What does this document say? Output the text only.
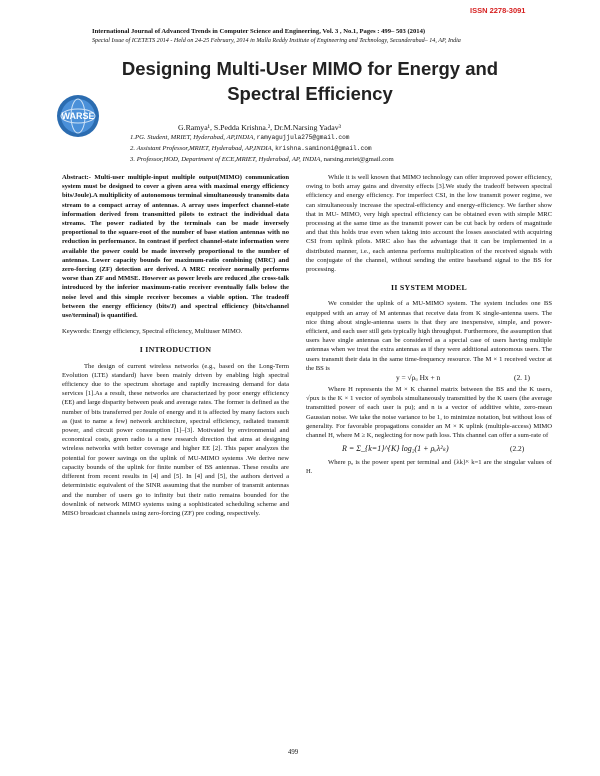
ISSN 2278-3091
International Journal of Advanced Trends in Computer Science and Engineering, Vol. 3 , No.1, Pages : 499– 503 (2014)
Special Issue of ICETETS 2014 - Held on 24-25 February, 2014 in Malla Reddy Institute of Engineering and Technology, Secunderabad– 14, AP, India
WARSE
Designing Multi-User MIMO for Energy and
Spectral Efficiency
G.Ramya¹, S.Pedda Krishna.², Dr.M.Narsing Yadav³
1.PG. Student, MRIET, Hyderabad, AP,INDIA, ramyagujjula275@gmail.com
2. Assistant Professor,MRIET, Hyderabad, AP,INDIA, krishna.saminoni@gmail.com
3. Professor,HOD, Department of ECE,MRIET, Hyderabad, AP, INDIA, narsing.mriet@gmail.com

Abstract:- Multi-user multiple-input multiple output(MIMO) communication system must be designed to cover a given area with maximal energy efficiency bits/Joule).A multiplicity of autonomous terminal simultaneously transmits data stream to a compact array of antennas. A array uses imperfect channel-state information derived from transmitted pilots to extract the individual data streams. The power radiated by the terminals can be made inversely proportional to the square-root of the number of base station antennas with no reduction in performance. In contrast if perfect channel-state information were available the power could be made inversely proportional to the number of antennas. Lower capacity bounds for maximum-ratio combining (MRC) and zero-forcing (ZF) detection are derived. A MRC receiver normally performs worse than ZF and MMSE. However as power levels are reduced ,the cross-talk introduced by the inferior maximum-ratio receiver eventually falls below the noise level and this simple receiver becomes a viable option. The tradeoff between the energy efficiency (bits/J) and spectral efficiency (bits/channel use/terminal) is quantified.

Keywords: Energy efficiency, Spectral efficiency, Multiuser MIMO.

I INTRODUCTION

The design of current wireless networks (e.g., based on the Long-Term Evolution (LTE) standard) have been mainly driven by enabling high spectral efficiency due to the spectrum shortage and rapidly increasing demand for data services [1].As a result, these networks are characterized by poor energy efficiency (EE) and large disparity between peak and average rates. The former is defined as the number of bits transferred per Joule of energy and it is affected by many factors such as (just to name a few) network architecture, spectral efficiency, radiated transmit power, and circuit power consumption [1]–[3]. Motivated by environmental and economical costs, green radio is a new research direction that aims at designing wireless networks with better coverage and higher EE [2]. This paper analyzes the potential for power savings on the uplink of MU-MIMO systems .We derive new capacity bounds of the uplink for finite number of BS antennas. These results are different from recent results in [4] and [5]. In [4] and [5], the authors derived a deterministic equivalent of the SINR assuming that the number of transmit antennas and the number of users go to infinity but their ratio remains bounded for the downlink of network MIMO systems using a sophisticated scheduling scheme and MISO broadcast channels using zero-forcing (ZF) pre coding, respectively.

While it is well known that MIMO technology can offer improved power efficiency, owing to both array gains and diversity effects [3].We study the tradeoff between spectral efficiency and energy efficiency. For imperfect CSI, in the low transmit power regime, we can simultaneously increase the spectral-efficiency and energy-efficiency. We farther show that in MU- MIMO, very high spectral efficiency can be obtained even with simple MRC processing at the same time as the transmit power can be cut back by orders of magnitude and that this holds true even when taking into account the losses associated with acquiring CSI from uplink pilots. MRC also has the advantage that it can be implemented in a distributed manner, i.e., each antenna performs multiplication of the received signals with the conjugate of the channel, without sending the entire baseband signal to the BS for processing.

II SYSTEM MODEL

We consider the uplink of a MU-MIMO system. The system includes one BS equipped with an array of M antennas that receive data from K single-antenna users. The nice thing about single-antenna users is that they are inexpensive, simple, and power-efficient, and each user still gets typically high throughput. Furthermore, the assumption that users have single antennas can be considered as a special case of users having multiple antennas when we treat the extra antennas as if they were additional autonomous users. The users transmit their data in the same time-frequency resource. The M × 1 received vector at the BS is

y = √ρᵤ Hx + n	(2. 1)

Where H represents the M × K channel matrix between the BS and the K users, √pux is the K × 1 vector of symbols simultaneously transmitted by the K users (the average transmitted power of each user is pu); and n is a vector of additive white, zero-mean Gaussian noise. We take the noise variance to be 1, to minimize notation, but without loss of generality. For favorable propagations consider an M × K uplink (multiple-access) MIMO channel H, where M ≥ K, neglecting for now path loss. This channel can offer a sum-rate of

R = Σ_{k=1}^{K} log₂(1 + ρᵤλ²ₖ)	(2.2)

Where pᵤ is the power spent per terminal and {λk}ᴷ k=1 are the singular values of H.

499
